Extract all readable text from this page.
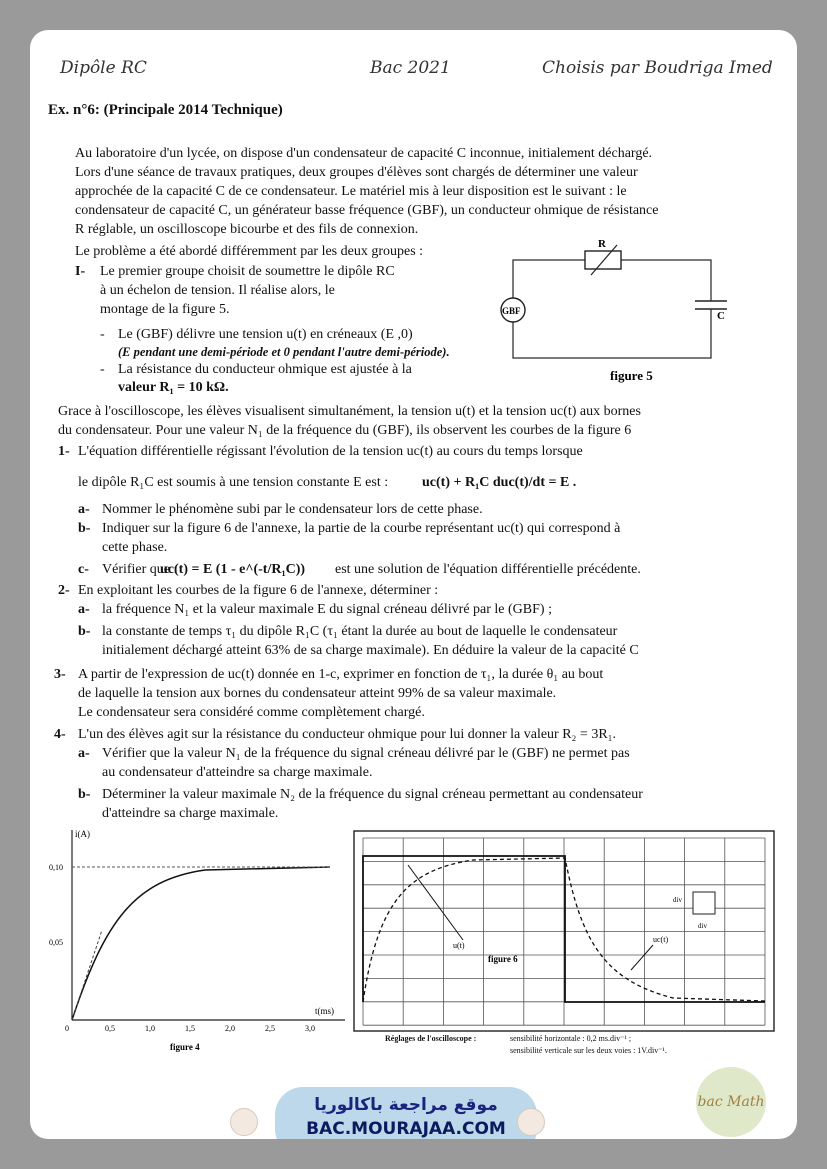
Dipôle RC	Bac 2021	Choisis par Boudriga Imed
Ex. n°6: (Principale 2014 Technique)
Au laboratoire d'un lycée, on dispose d'un condensateur de capacité C inconnue, initialement déchargé.
Lors d'une séance de travaux pratiques, deux groupes d'élèves sont chargés de déterminer une valeur
approchée de la capacité C de ce condensateur. Le matériel mis à leur disposition est le suivant : le
condensateur de capacité C, un générateur basse fréquence (GBF), un conducteur ohmique de résistance
R réglable, un oscilloscope bicourbe et des fils de connexion.
Le problème a été abordé différemment par les deux groupes :
I- Le premier groupe choisit de soumettre le dipôle RC
à un échelon de tension. Il réalise alors, le
montage de la figure 5.
- Le (GBF) délivre une tension u(t) en créneaux (E ,0)
(E pendant une demi-période et 0 pendant l'autre demi-période).
- La résistance du conducteur ohmique est ajustée à la
valeur R₁ = 10 kΩ.
R
C
GBF
figure 5
Grace à l'oscilloscope, les élèves visualisent simultanément, la tension u(t) et la tension uc(t) aux bornes
du condensateur. Pour une valeur N₁ de la fréquence du (GBF), ils observent les courbes de la figure 6
1- L'équation différentielle régissant l'évolution de la tension uc(t) au cours du temps lorsque
le dipôle R₁C est soumis à une tension constante E est : uc(t) + R₁C duc(t)/dt = E .
a- Nommer le phénomène subi par le condensateur lors de cette phase.
b- Indiquer sur la figure 6 de l'annexe, la partie de la courbe représentant uc(t) qui correspond à
cette phase.
c- Vérifier que :
uc(t) = E (1 - e^(-t/R₁C)) est une solution de l'équation différentielle précédente.
2- En exploitant les courbes de la figure 6 de l'annexe, déterminer :
a- la fréquence N₁ et la valeur maximale E du signal créneau délivré par le (GBF) ;
b- la constante de temps τ₁ du dipôle R₁C (τ₁ étant la durée au bout de laquelle le condensateur
initialement déchargé atteint 63% de sa charge maximale). En déduire la valeur de la capacité C
3- A partir de l'expression de uc(t) donnée en 1-c, exprimer en fonction de τ₁, la durée θ₁ au bout
de laquelle la tension aux bornes du condensateur atteint 99% de sa valeur maximale.
Le condensateur sera considéré comme complètement chargé.
4- L'un des élèves agit sur la résistance du conducteur ohmique pour lui donner la valeur R₂ = 3R₁.
a- Vérifier que la valeur N₁ de la fréquence du signal créneau délivré par le (GBF) ne permet pas
au condensateur d'atteindre sa charge maximale.
b- Déterminer la valeur maximale N₂ de la fréquence du signal créneau permettant au condensateur
d'atteindre sa charge maximale.
i(A)
t(ms)
0,10
0,05
0	0,5	1,0	1,5	2,0	2,5	3,0
figure 4
u(t)
uc(t)
div
div
figure 6
Réglages de l'oscilloscope :	sensibilité horizontale : 0,2 ms.div⁻¹ ;
sensibilité verticale sur les deux voies : 1V.div⁻¹.
موقع مراجعة باكالوريا
BAC.MOURAJAA.COM
bac Math
